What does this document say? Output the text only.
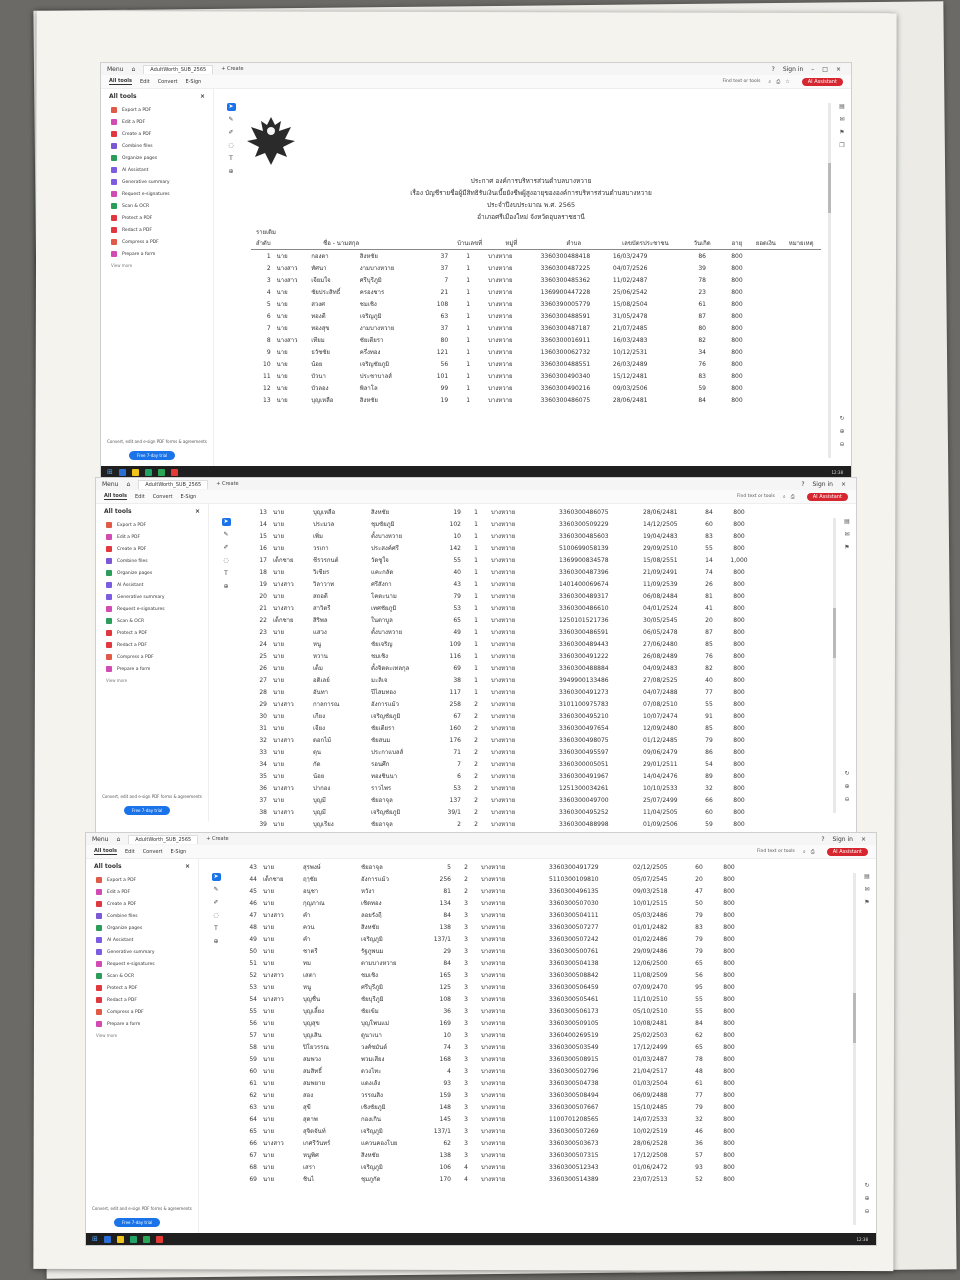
Menu ⌂	AdultWorth_SUB_2565	+ Create	? Sign in – □ ×
All tools Edit Convert E-Sign	Find text or tools ⌕ ⎙ ☆	AI Assistant
All tools	×
Export a PDF
Edit a PDF
Create a PDF
Combine files
Organize pages
AI Assistant
Generative summary
Request e-signatures
Scan & OCR
Protect a PDF
Redact a PDF
Compress a PDF
Prepare a form
View more
Convert, edit and e-sign PDF forms & agreements
Free 7-day trial
➤
✎
✐
◌
T
⊕
ประกาศ องค์การบริหารส่วนตำบลบางหวาย
เรื่อง บัญชีรายชื่อผู้มีสิทธิรับเงินเบี้ยยังชีพผู้สูงอายุขององค์การบริหารส่วนตำบลบางหวาย
ประจำปีงบประมาณ พ.ศ. 2565
อำเภอศรีเมืองใหม่ จังหวัดอุบลราชธานี
รายเดิม
ลำดับ	ชื่อ - นามสกุล				บ้านเลขที่	หมู่ที่	ตำบล	เลขบัตรประชาชน	วันเกิด	อายุ	ยอดเงิน	หมายเหตุ
1	นาย	กองตา	สิงหชัย	37	1	บางหวาย	3360300488418	16/03/2479	86	800		
2	นางสาว	ทัศนา	งามบางหวาย	37	1	บางหวาย	3360300487225	04/07/2526	39	800		
3	นางสาว	เจียมใจ	ศรีบุรีภูมิ	7	1	บางหวาย	3360300485362	11/02/2487	78	800		
4	นาย	ชัยประสิทธิ์	ครองชาร	21	1	บางหวาย	1369900447228	25/06/2542	23	800		
5	นาย	สวงศ	ชมเชิง	108	1	บางหวาย	3360390005779	15/08/2504	61	800		
6	นาย	ทองดี	เจริญภูมิ	63	1	บางหวาย	3360300488591	31/05/2478	87	800		
7	นาย	ทองสุข	งามบางหวาย	37	1	บางหวาย	3360300487187	21/07/2485	80	800		
8	นางสาว	เทียม	ชัยเตียรา	80	1	บางหวาย	3360300016911	16/03/2483	82	800		
9	นาย	ธวัชชัย	ครึ่งทอง	121	1	บางหวาย	1360300062732	10/12/2531	34	800		
10	นาย	น้อย	เจริญชัยภูมิ	56	1	บางหวาย	3360300488551	26/03/2489	76	800		
11	นาย	บัวนา	ประชาบาลส์	101	1	บางหวาย	3360300490340	15/12/2481	83	800		
12	นาย	บัวลอง	พิลาโล	99	1	บางหวาย	3360300490216	09/03/2506	59	800		
13	นาย	บุญเหลือ	สิงหชัย	19	1	บางหวาย	3360300486075	28/06/2481	84	800		
▤
✉
⚑
❐
↻
⊕
⊖
⊞	12:38
Menu ⌂	AdultWorth_SUB_2565	+ Create	? Sign in ×
All tools Edit Convert E-Sign	Find text or tools ⌕ ⎙	AI Assistant
All tools	×
Export a PDF
Edit a PDF
Create a PDF
Combine files
Organize pages
AI Assistant
Generative summary
Request e-signatures
Scan & OCR
Protect a PDF
Redact a PDF
Compress a PDF
Prepare a form
View more
Convert, edit and e-sign PDF forms & agreements
Free 7-day trial
➤
✎
✐
◌
T
⊕
13	นาย	บุญเหลือ	สิงหชัย	19	1	บางหวาย	3360300486075	28/06/2481	84	800
14	นาย	ประมวล	ชุมชัยภูมิ	102	1	บางหวาย	3360300509229	14/12/2505	60	800
15	นาย	เพิ่ม	ตั้งบางหวาย	10	1	บางหวาย	3360300485603	19/04/2483	83	800
16	นาย	วรเกา	ประสงค์ศรี	142	1	บางหวาย	5100699058139	29/09/2510	55	800
17	เด็กชาย	ชีรวรกนต์	วัดชูใจ	55	1	บางหวาย	1369900834578	15/08/2551	14	1,000
18	นาย	วิเชียร	แคะกลัด	40	1	บางหวาย	3360300487396	21/09/2491	74	800
19	นางสาว	วิลาวาท	ศรีสังกา	43	1	บางหวาย	1401400069674	11/09/2539	26	800
20	นาย	สถอดี	โคตะนาม	79	1	บางหวาย	3360300489317	06/08/2484	81	800
21	นางสาว	สาวิตรี	เทศชัยภูมิ	53	1	บางหวาย	3360300486610	04/01/2524	41	800
22	เด็กชาย	สิริพล	ในตาบูล	65	1	บางหวาย	1250101521736	30/05/2545	20	800
23	นาย	แสวง	ตั้งบางหวาย	49	1	บางหวาย	3360300486591	06/05/2478	87	800
24	นาย	หนู	ชัยเจริญ	109	1	บางหวาย	3360300489443	27/06/2480	85	800
25	นาย	หวาน	ชมเชิง	116	1	บางหวาย	3360300491222	26/08/2489	76	800
26	นาย	เต็ม	ตั้งจิตตะเทลกุล	69	1	บางหวาย	3360300488884	04/09/2483	82	800
27	นาย	อดิเลย์	มะลิเจ	38	1	บางหวาย	3949900133486	27/08/2525	40	800
28	นาย	อันทา	ปีไสมทอง	117	1	บางหวาย	3360300491273	04/07/2488	77	800
29	นางสาว	กาลการณ	อังการแม้ว	258	2	บางหวาย	3101100975783	07/08/2510	55	800
30	นาย	เกียง	เจริญชัยภูมิ	67	2	บางหวาย	3360300495210	10/07/2474	91	800
31	นาย	เจียง	ชัยเตียรา	160	2	บางหวาย	3360300497654	12/09/2480	85	800
32	นางสาว	ดอกไม้	ชัยสนม	176	2	บางหวาย	3360300498075	01/12/2485	79	800
33	นาย	ตุน	ประกาแบลส์	71	2	บางหวาย	3360300495597	09/06/2479	86	800
34	นาย	กัด	รอนศึก	7	2	บางหวาย	3360300005051	29/01/2511	54	800
35	นาย	น้อย	ทองชินนา	6	2	บางหวาย	3360300491967	14/04/2476	89	800
36	นางสาว	ปากอง	ราวไพร	53	2	บางหวาย	1251300034261	10/10/2533	32	800
37	นาย	บุญมี	ชัยอาจุล	137	2	บางหวาย	3360300049700	25/07/2499	66	800
38	นางสาว	บุญมี	เจริญชัยภูมิ	39/1	2	บางหวาย	3360300495252	11/04/2505	60	800
39	นาย	บุญเรียง	ชัยอาจุล	2	2	บางหวาย	3360300488998	01/09/2506	59	800
▤
✉
⚑
↻
⊕
⊖
Menu ⌂	AdultWorth_SUB_2565	+ Create	? Sign in ×
All tools Edit Convert E-Sign	Find text or tools ⌕ ⎙	AI Assistant
All tools	×
Export a PDF
Edit a PDF
Create a PDF
Combine files
Organize pages
AI Assistant
Generative summary
Request e-signatures
Scan & OCR
Protect a PDF
Redact a PDF
Compress a PDF
Prepare a form
View more
Convert, edit and e-sign PDF forms & agreements
Free 7-day trial
➤
✎
✐
◌
T
⊕
43	นาย	สุรพงษ์	ชัยอาจุล	5	2	บางหวาย	3360300491729	02/12/2505	60	800
44	เด็กชาย	ฤๅชัย	อังการแม้ว	256	2	บางหวาย	5110300109810	05/07/2545	20	800
45	นาย	อนุชา	หวังา	81	2	บางหวาย	3360300496135	09/03/2518	47	800
46	นาย	กุญภาณ	เชิดทอง	134	3	บางหวาย	3360300507030	10/01/2515	50	800
47	นางสาว	คำ	ลอยรังฤี	84	3	บางหวาย	3360300504111	05/03/2486	79	800
48	นาย	ควน	สิงหชัย	138	3	บางหวาย	3360300507277	01/01/2482	83	800
49	นาย	คำ	เจริญภูมิ	137/1	3	บางหวาย	3360300507242	01/02/2486	79	800
50	นาย	ชาตรี	รัฐภูพนม	29	3	บางหวาย	3360300500761	29/09/2486	79	800
51	นาย	ทม	ตามบางหวาย	84	3	บางหวาย	3360300504138	12/06/2500	65	800
52	นางสาว	เสตา	ชมเชิง	165	3	บางหวาย	3360300508842	11/08/2509	56	800
53	นาย	หนู	ศรีบุรีภูมิ	125	3	บางหวาย	3360300506459	07/09/2470	95	800
54	นางสาว	บุญชื่น	ชัยบุรีภูมิ	108	3	บางหวาย	3360300505461	11/10/2510	55	800
55	นาย	บุญเลี้ยง	ชัยเข้ม	36	3	บางหวาย	3360300506173	05/10/2510	55	800
56	นาย	บุญสุข	บุญโพนแม่	169	3	บางหวาย	3360300509105	10/08/2481	84	800
57	นาย	บุญเสิน	ดูนาเนา	10	3	บางหวาย	3360400269519	25/02/2503	62	800
58	นาย	ปิโยวรรณ	วงศ์ชมันต์	74	3	บางหวาย	3360300503549	17/12/2499	65	800
59	นาย	สมพวง	พวมเสียง	168	3	บางหวาย	3360300508915	01/03/2487	78	800
60	นาย	สมสิทธิ์	ดวงไทะ	4	3	บางหวาย	3360300502796	21/04/2517	48	800
61	นาย	สมพยาย	แดงเส้ง	93	3	บางหวาย	3360300504738	01/03/2504	61	800
62	นาย	สอง	วรรณสิง	159	3	บางหวาย	3360300508494	06/09/2488	77	800
63	นาย	สุขี	เชิงชัยภูมิ	148	3	บางหวาย	3360300507667	15/10/2485	79	800
64	นาย	สุดาพ	กองเกิน	145	3	บางหวาย	1100701208565	14/07/2533	32	800
65	นาย	สุจิตจันท์	เจริญภูมิ	137/1	3	บางหวาย	3360300507269	10/02/2519	46	800
66	นางสาว	เกศรีวันทร์	แควนคองโบย	62	3	บางหวาย	3360300503673	28/06/2528	36	800
67	นาย	หนูพิศ	สิงหชัย	138	3	บางหวาย	3360300507315	17/12/2508	57	800
68	นาย	เสรา	เจริญภูมิ	106	4	บางหวาย	3360300512343	01/06/2472	93	800
69	นาย	ชินไ	ชุมภูกัด	170	4	บางหวาย	3360300514389	23/07/2513	52	800
▤
✉
⚑
↻
⊕
⊖
⊞	12:38
